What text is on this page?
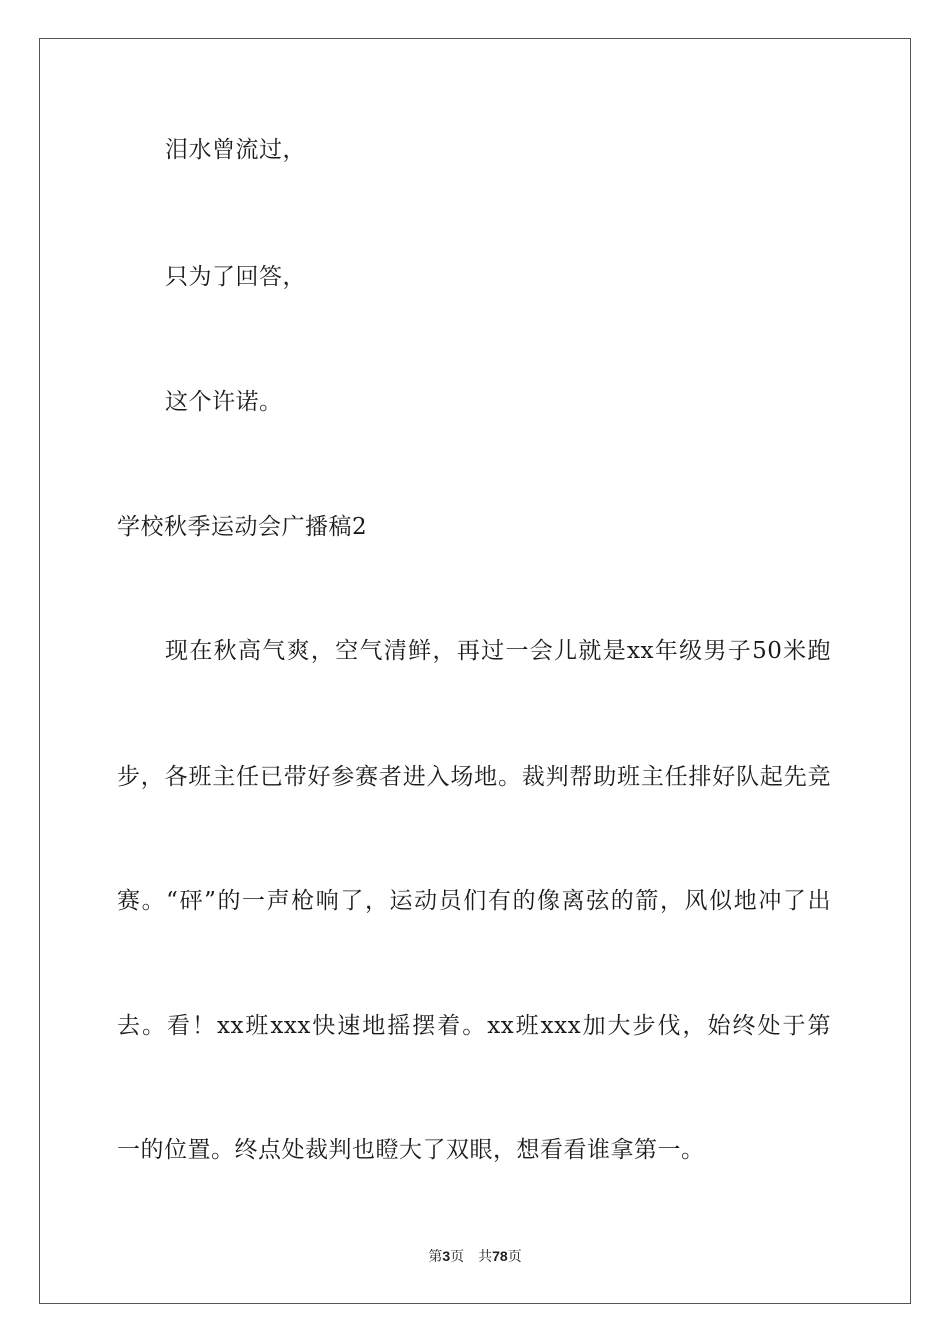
泪水曾流过，
只为了回答，
这个许诺。
学校秋季运动会广播稿2
现在秋高气爽，空气清鲜，再过一会儿就是xx年级男子50米跑
步，各班主任已带好参赛者进入场地。裁判帮助班主任排好队起先竞
赛。“砰”的一声枪响了，运动员们有的像离弦的箭，风似地冲了出
去。看！xx班xxx快速地摇摆着。xx班xxx加大步伐，始终处于第
一的位置。终点处裁判也瞪大了双眼，想看看谁拿第一。
第3页 共78页
